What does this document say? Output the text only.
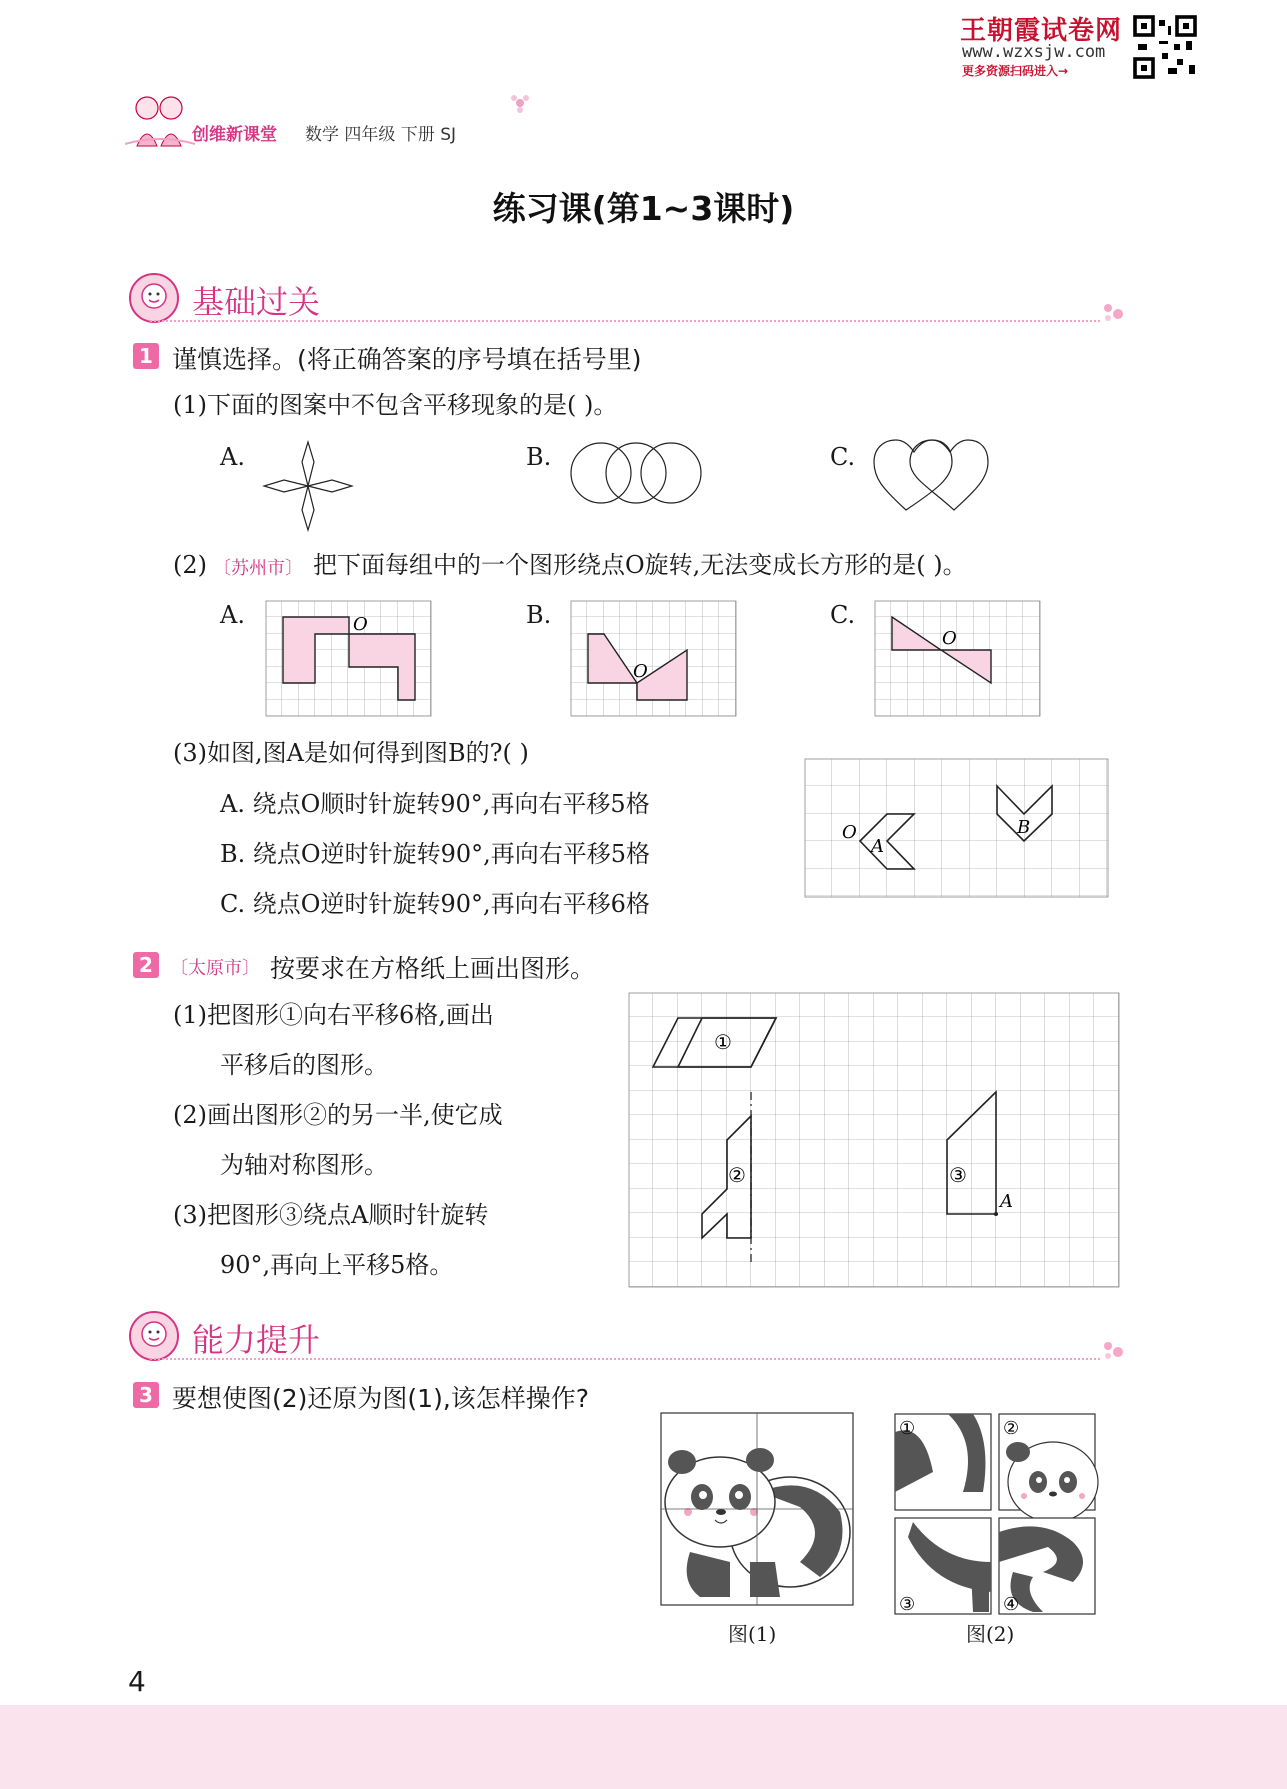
王朝霞试卷网
www.wzxsjw.com
更多资源扫码进入→
创维新课堂 数学 四年级 下册 SJ
练习课(第1~3课时)
基础过关
1 谨慎选择。(将正确答案的序号填在括号里)
(1)下面的图案中不包含平移现象的是( )。
A.	B.	C.
(2) 〔苏州市〕 把下面每组中的一个图形绕点O旋转,无法变成长方形的是( )。
A.	O	B.
O
C.
O
(3)如图,图A是如何得到图B的?( )
A. 绕点O顺时针旋转90°,再向右平移5格
B. 绕点O逆时针旋转90°,再向右平移5格
C. 绕点O逆时针旋转90°,再向右平移6格
O
A
B
2 〔太原市〕 按要求在方格纸上画出图形。
(1)把图形①向右平移6格,画出
平移后的图形。
(2)画出图形②的另一半,使它成
为轴对称图形。
(3)把图形③绕点A顺时针旋转
90°,再向上平移5格。
①
②	③
A
能力提升
3 要想使图(2)还原为图(1),该怎样操作?
图(1)
①	②
③	④
图(2)
4
